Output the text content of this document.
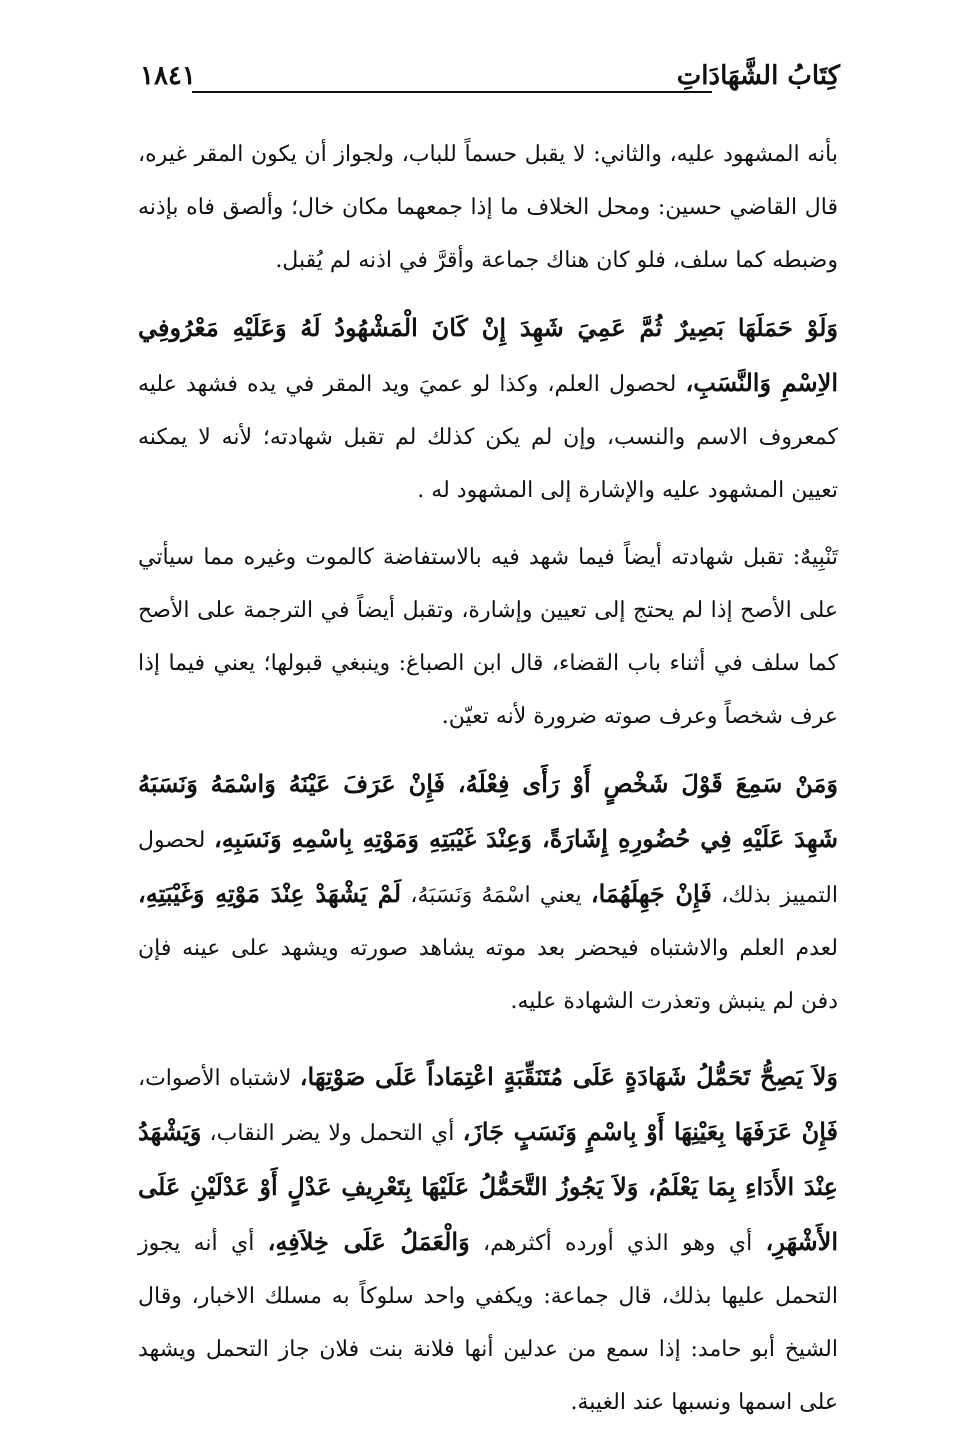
كِتَابُ الشَّهَادَاتِ
١٨٤١

بأنه المشهود عليه، والثاني: لا يقبل حسماً للباب، ولجواز أن يكون المقر غيره، قال القاضي حسين: ومحل الخلاف ما إذا جمعهما مكان خال؛ وألصق فاه بإذنه وضبطه كما سلف، فلو كان هناك جماعة وأقرَّ في اذنه لم يُقبل.

وَلَوْ حَمَلَهَا بَصِيرٌ ثُمَّ عَمِيَ شَهِدَ إِنْ كَانَ الْمَشْهُودُ لَهُ وَعَلَيْهِ مَعْرُوفِي الاِسْمِ وَالنَّسَبِ، لحصول العلم، وكذا لو عميَ ويد المقر في يده فشهد عليه كمعروف الاسم والنسب، وإن لم يكن كذلك لم تقبل شهادته؛ لأنه لا يمكنه تعيين المشهود عليه والإشارة إلى المشهود له .

تَنْبِيهٌ: تقبل شهادته أيضاً فيما شهد فيه بالاستفاضة كالموت وغيره مما سيأتي على الأصح إذا لم يحتج إلى تعيين وإشارة، وتقبل أيضاً في الترجمة على الأصح كما سلف في أثناء باب القضاء، قال ابن الصباغ: وينبغي قبولها؛ يعني فيما إذا عرف شخصاً وعرف صوته ضرورة لأنه تعيّن.

وَمَنْ سَمِعَ قَوْلَ شَخْصٍ أَوْ رَأَى فِعْلَهُ، فَإِنْ عَرَفَ عَيْنَهُ وَاسْمَهُ وَنَسَبَهُ شَهِدَ عَلَيْهِ فِي حُضُورِهِ إِشَارَةً، وَعِنْدَ غَيْبَتِهِ وَمَوْتِهِ بِاسْمِهِ وَنَسَبِهِ، لحصول التمييز بذلك، فَإِنْ جَهِلَهُمَا، يعني اسْمَهُ وَنَسَبَهُ، لَمْ يَشْهَدْ عِنْدَ مَوْتِهِ وَغَيْبَتِهِ، لعدم العلم والاشتباه فيحضر بعد موته يشاهد صورته ويشهد على عينه فإن دفن لم ينبش وتعذرت الشهادة عليه.

وَلاَ يَصِحُّ تَحَمُّلُ شَهَادَةٍ عَلَى مُتَنَقِّبَةٍ اعْتِمَاداً عَلَى صَوْتِهَا، لاشتباه الأصوات، فَإِنْ عَرَفَهَا بِعَيْنِهَا أَوْ بِاسْمٍ وَنَسَبٍ جَازَ، أي التحمل ولا يضر النقاب، وَيَشْهَدُ عِنْدَ الأَدَاءِ بِمَا يَعْلَمُ، وَلاَ يَجُوزُ التَّحَمُّلُ عَلَيْهَا بِتَعْرِيفِ عَدْلٍ أَوْ عَدْلَيْنِ عَلَى الأَشْهَرِ، أي وهو الذي أورده أكثرهم، وَالْعَمَلُ عَلَى خِلاَفِهِ، أي أنه يجوز التحمل عليها بذلك، قال جماعة: ويكفي واحد سلوكاً به مسلك الاخبار، وقال الشيخ أبو حامد: إذا سمع من عدلين أنها فلانة بنت فلان جاز التحمل ويشهد على اسمها ونسبها عند الغيبة.
